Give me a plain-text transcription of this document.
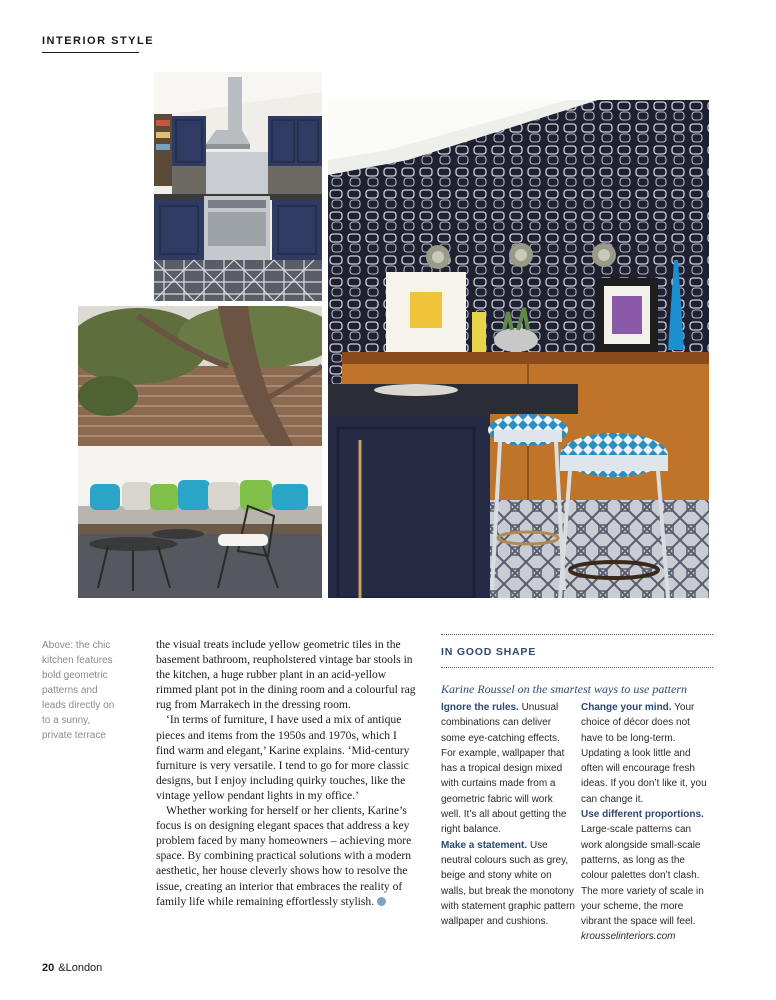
INTERIOR STYLE
Above: the chic kitchen features bold geometric patterns and leads directly on to a sunny, private terrace

the visual treats include yellow geometric tiles in the basement bathroom, reupholstered vintage bar stools in the kitchen, a huge rubber plant in an acid-yellow rimmed plant pot in the dining room and a colourful rag rug from Marrakech in the dressing room.

‘In terms of furniture, I have used a mix of antique pieces and items from the 1950s and 1970s, which I find warm and elegant,’ Karine explains. ‘Mid-century furniture is very versatile. I tend to go for more classic designs, but I enjoy including quirky touches, like the vintage yellow pendant lights in my office.’

Whether working for herself or her clients, Karine’s focus is on designing elegant spaces that address a key problem faced by many homeowners – achieving more space. By combining practical solutions with a modern aesthetic, her house cleverly shows how to resolve the issue, creating an interior that embraces the reality of family life while remaining effortlessly stylish.

IN GOOD SHAPE
Karine Roussel on the smartest ways to use pattern
Ignore the rules. Unusual combinations can deliver some eye-catching effects. For example, wallpaper that has a tropical design mixed with curtains made from a geometric fabric will work well. It’s all about getting the right balance.
Make a statement. Use neutral colours such as grey, beige and stony white on walls, but break the monotony with statement graphic pattern wallpaper and cushions.
Change your mind. Your choice of décor does not have to be long-term. Updating a look little and often will encourage fresh ideas. If you don’t like it, you can change it.
Use different proportions. Large-scale patterns can work alongside small-scale patterns, as long as the colour palettes don’t clash. The more variety of scale in your scheme, the more vibrant the space will feel.
krousselinteriors.com
20 &London
